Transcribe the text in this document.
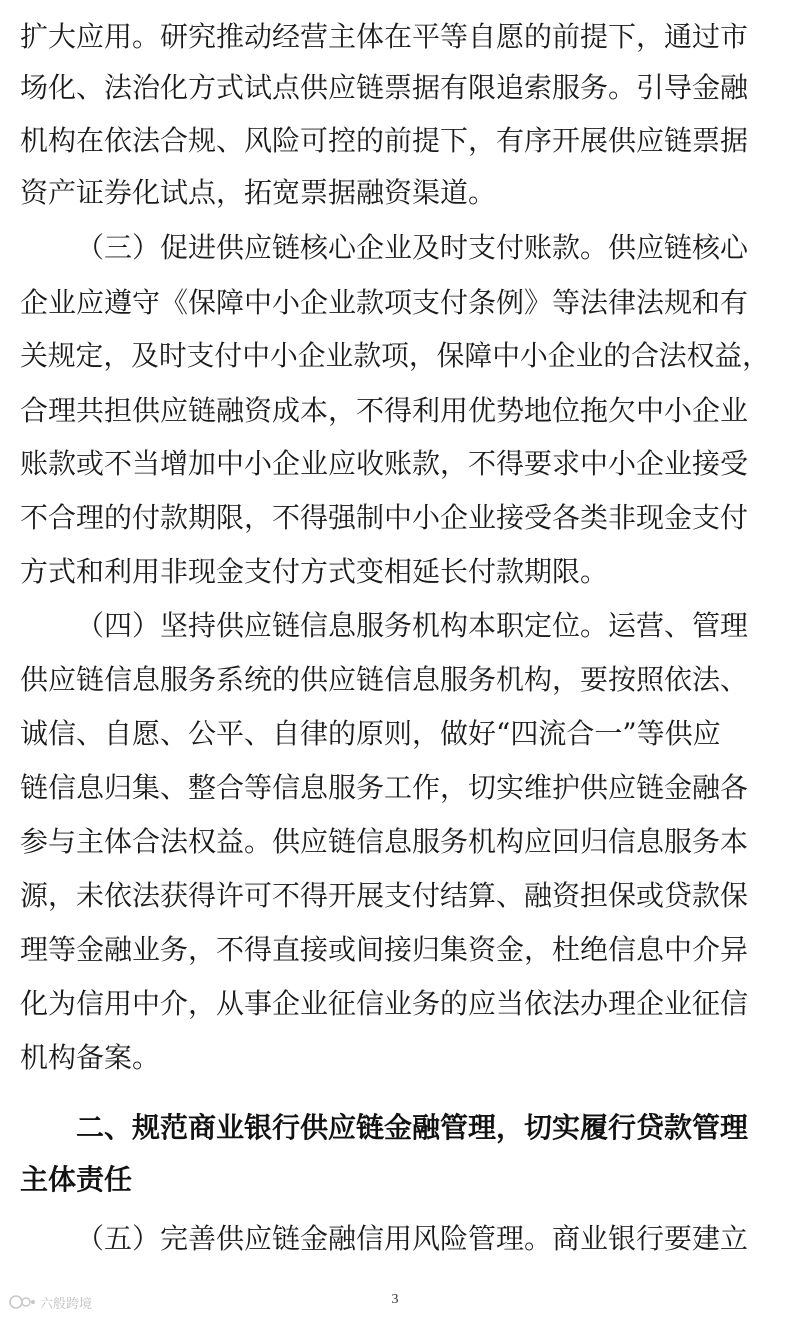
扩大应用。研究推动经营主体在平等自愿的前提下，通过市
场化、法治化方式试点供应链票据有限追索服务。引导金融
机构在依法合规、风险可控的前提下，有序开展供应链票据
资产证券化试点，拓宽票据融资渠道。
（三）促进供应链核心企业及时支付账款。供应链核心
企业应遵守《保障中小企业款项支付条例》等法律法规和有
关规定，及时支付中小企业款项，保障中小企业的合法权益，
合理共担供应链融资成本，不得利用优势地位拖欠中小企业
账款或不当增加中小企业应收账款，不得要求中小企业接受
不合理的付款期限，不得强制中小企业接受各类非现金支付
方式和利用非现金支付方式变相延长付款期限。
（四）坚持供应链信息服务机构本职定位。运营、管理
供应链信息服务系统的供应链信息服务机构，要按照依法、
诚信、自愿、公平、自律的原则，做好“四流合一”等供应
链信息归集、整合等信息服务工作，切实维护供应链金融各
参与主体合法权益。供应链信息服务机构应回归信息服务本
源，未依法获得许可不得开展支付结算、融资担保或贷款保
理等金融业务，不得直接或间接归集资金，杜绝信息中介异
化为信用中介，从事企业征信业务的应当依法办理企业征信
机构备案。
二、规范商业银行供应链金融管理，切实履行贷款管理
主体责任
（五）完善供应链金融信用风险管理。商业银行要建立
六般跨境	3
